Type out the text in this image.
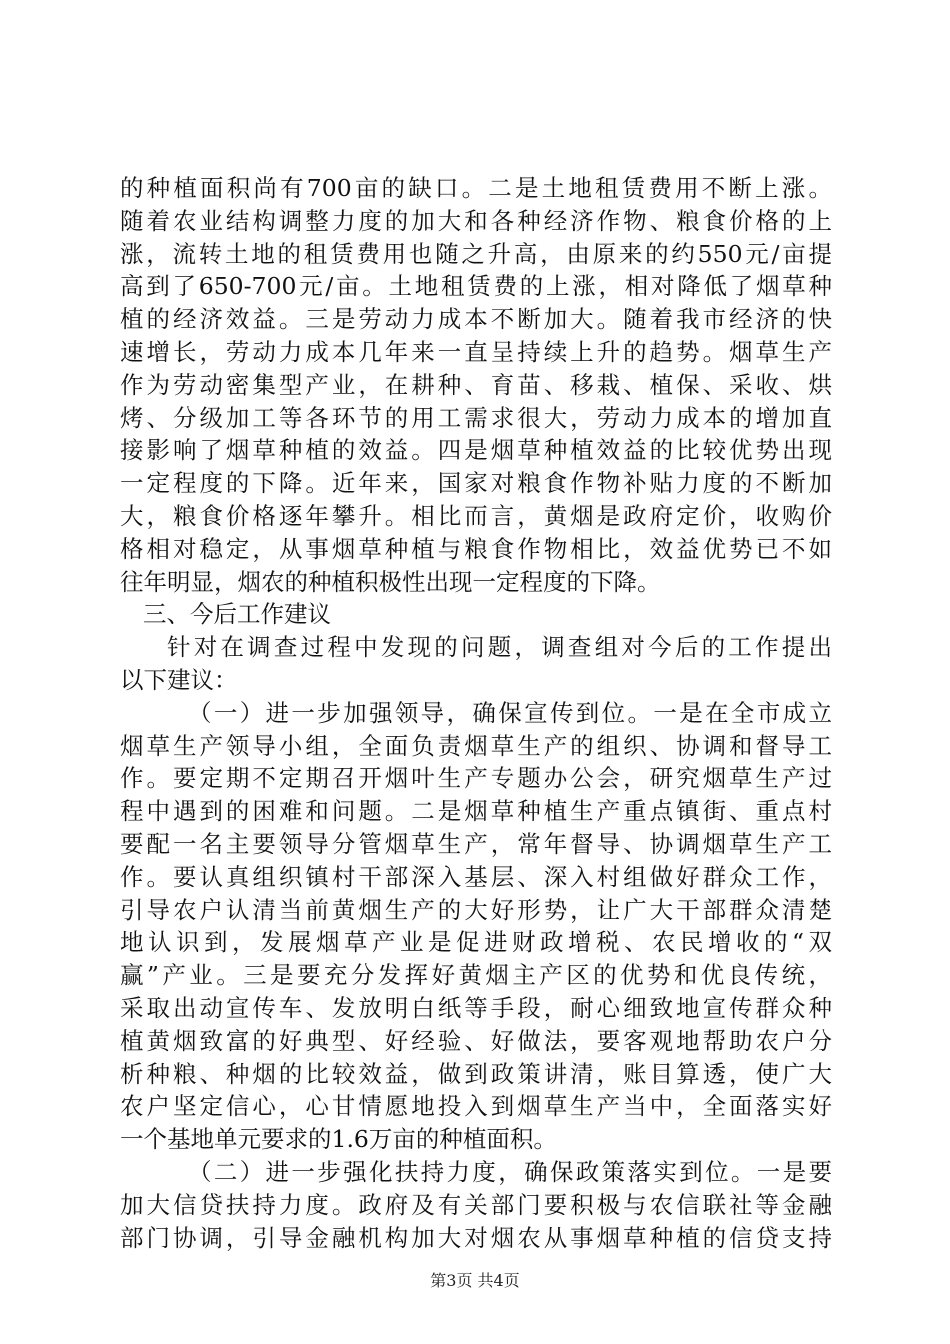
的种植面积尚有700亩的缺口。二是土地租赁费用不断上涨。
随着农业结构调整力度的加大和各种经济作物、粮食价格的上
涨，流转土地的租赁费用也随之升高，由原来的约550元/亩提
高到了650-700元/亩。土地租赁费的上涨，相对降低了烟草种
植的经济效益。三是劳动力成本不断加大。随着我市经济的快
速增长，劳动力成本几年来一直呈持续上升的趋势。烟草生产
作为劳动密集型产业，在耕种、育苗、移栽、植保、采收、烘
烤、分级加工等各环节的用工需求很大，劳动力成本的增加直
接影响了烟草种植的效益。四是烟草种植效益的比较优势出现
一定程度的下降。近年来，国家对粮食作物补贴力度的不断加
大，粮食价格逐年攀升。相比而言，黄烟是政府定价，收购价
格相对稳定，从事烟草种植与粮食作物相比，效益优势已不如
往年明显，烟农的种植积极性出现一定程度的下降。
三、今后工作建议
针对在调查过程中发现的问题，调查组对今后的工作提出
以下建议：
（一）进一步加强领导，确保宣传到位。一是在全市成立
烟草生产领导小组，全面负责烟草生产的组织、协调和督导工
作。要定期不定期召开烟叶生产专题办公会，研究烟草生产过
程中遇到的困难和问题。二是烟草种植生产重点镇街、重点村
要配一名主要领导分管烟草生产，常年督导、协调烟草生产工
作。要认真组织镇村干部深入基层、深入村组做好群众工作，
引导农户认清当前黄烟生产的大好形势，让广大干部群众清楚
地认识到，发展烟草产业是促进财政增税、农民增收的“双
赢”产业。三是要充分发挥好黄烟主产区的优势和优良传统，
采取出动宣传车、发放明白纸等手段，耐心细致地宣传群众种
植黄烟致富的好典型、好经验、好做法，要客观地帮助农户分
析种粮、种烟的比较效益，做到政策讲清，账目算透，使广大
农户坚定信心，心甘情愿地投入到烟草生产当中，全面落实好
一个基地单元要求的1.6万亩的种植面积。
（二）进一步强化扶持力度，确保政策落实到位。一是要
加大信贷扶持力度。政府及有关部门要积极与农信联社等金融
部门协调，引导金融机构加大对烟农从事烟草种植的信贷支持
第3页 共4页
